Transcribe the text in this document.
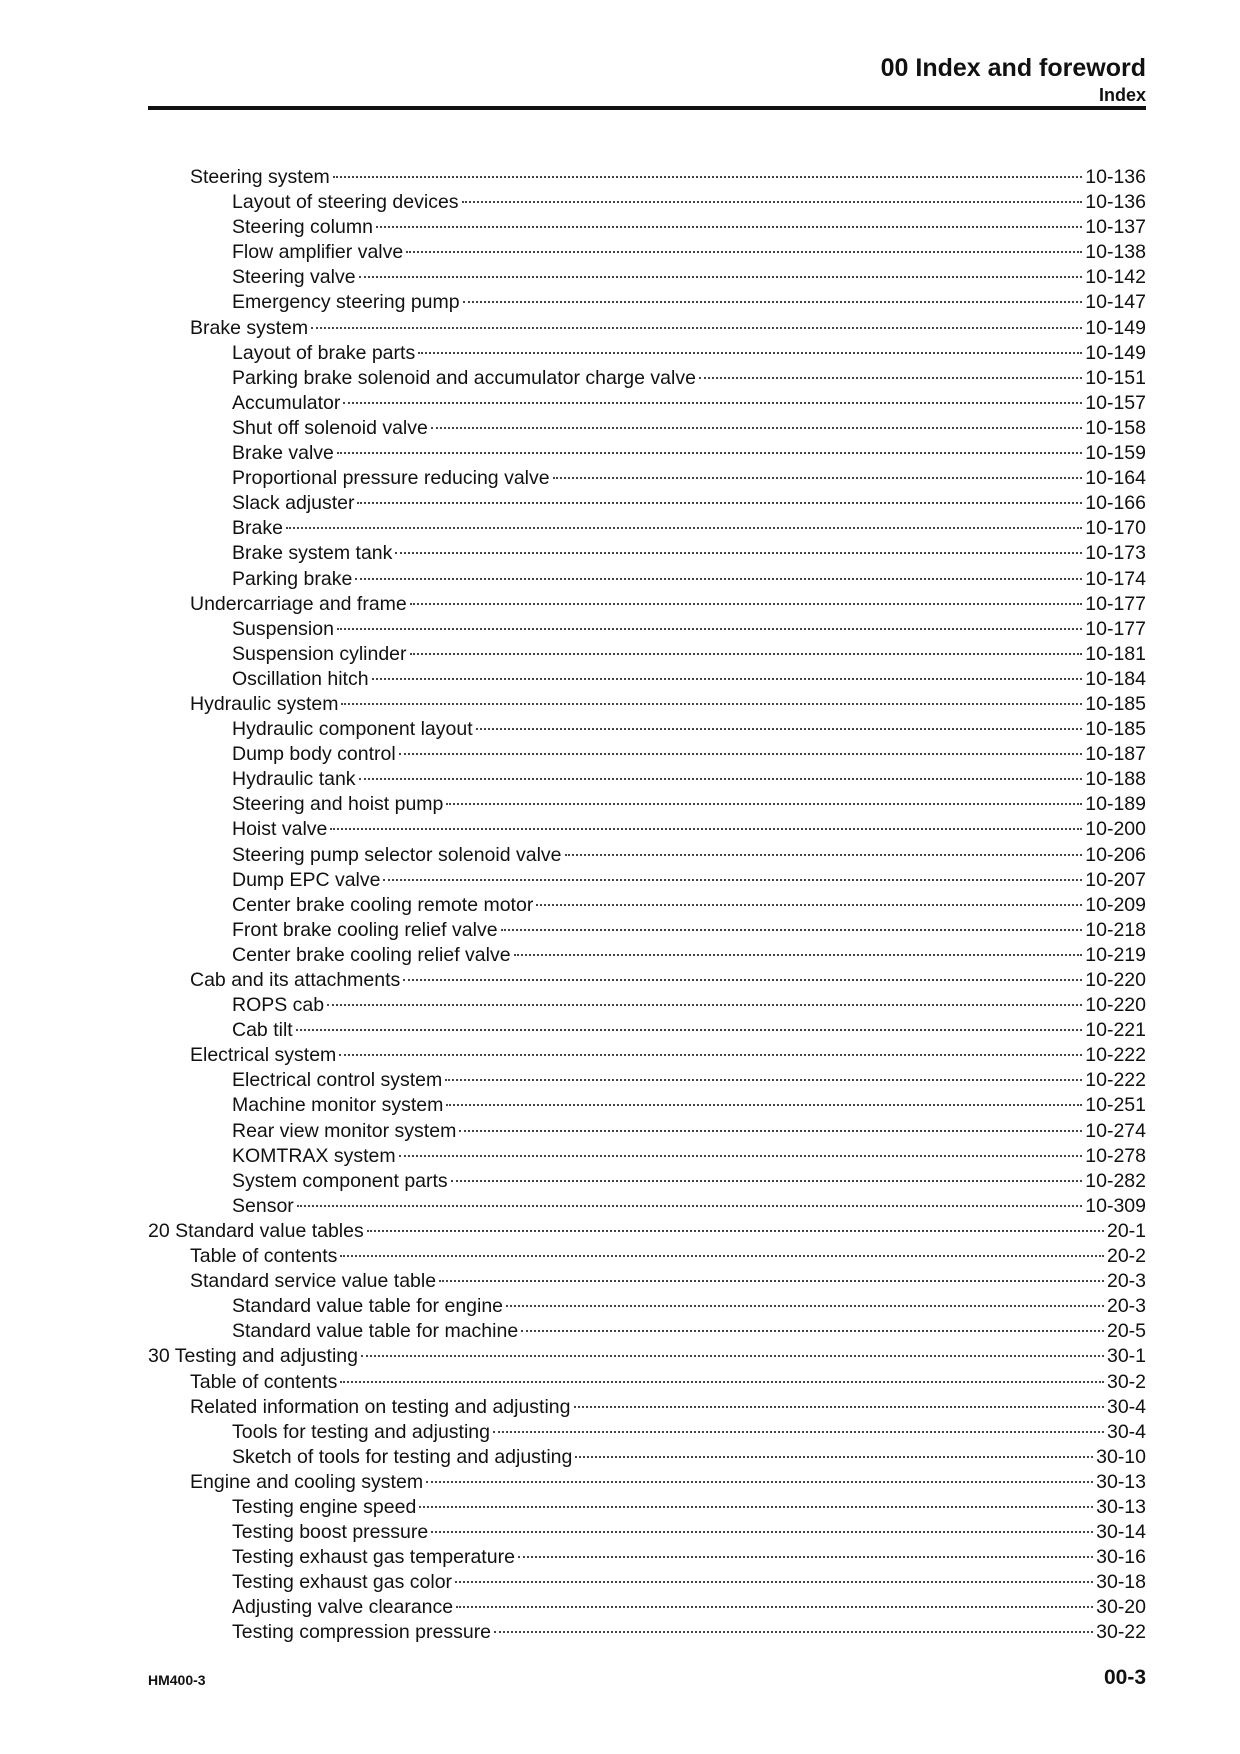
00 Index and foreword
Index
Steering system	10-136
Layout of steering devices	10-136
Steering column	10-137
Flow amplifier valve	10-138
Steering valve	10-142
Emergency steering pump	10-147
Brake system	10-149
Layout of brake parts	10-149
Parking brake solenoid and accumulator charge valve	10-151
Accumulator	10-157
Shut off solenoid valve	10-158
Brake valve	10-159
Proportional pressure reducing valve	10-164
Slack adjuster	10-166
Brake	10-170
Brake system tank	10-173
Parking brake	10-174
Undercarriage and frame	10-177
Suspension	10-177
Suspension cylinder	10-181
Oscillation hitch	10-184
Hydraulic system	10-185
Hydraulic component layout	10-185
Dump body control	10-187
Hydraulic tank	10-188
Steering and hoist pump	10-189
Hoist valve	10-200
Steering pump selector solenoid valve	10-206
Dump EPC valve	10-207
Center brake cooling remote motor	10-209
Front brake cooling relief valve	10-218
Center brake cooling relief valve	10-219
Cab and its attachments	10-220
ROPS cab	10-220
Cab tilt	10-221
Electrical system	10-222
Electrical control system	10-222
Machine monitor system	10-251
Rear view monitor system	10-274
KOMTRAX system	10-278
System component parts	10-282
Sensor	10-309
20 Standard value tables	20-1
Table of contents	20-2
Standard service value table	20-3
Standard value table for engine	20-3
Standard value table for machine	20-5
30 Testing and adjusting	30-1
Table of contents	30-2
Related information on testing and adjusting	30-4
Tools for testing and adjusting	30-4
Sketch of tools for testing and adjusting	30-10
Engine and cooling system	30-13
Testing engine speed	30-13
Testing boost pressure	30-14
Testing exhaust gas temperature	30-16
Testing exhaust gas color	30-18
Adjusting valve clearance	30-20
Testing compression pressure	30-22
HM400-3	00-3
